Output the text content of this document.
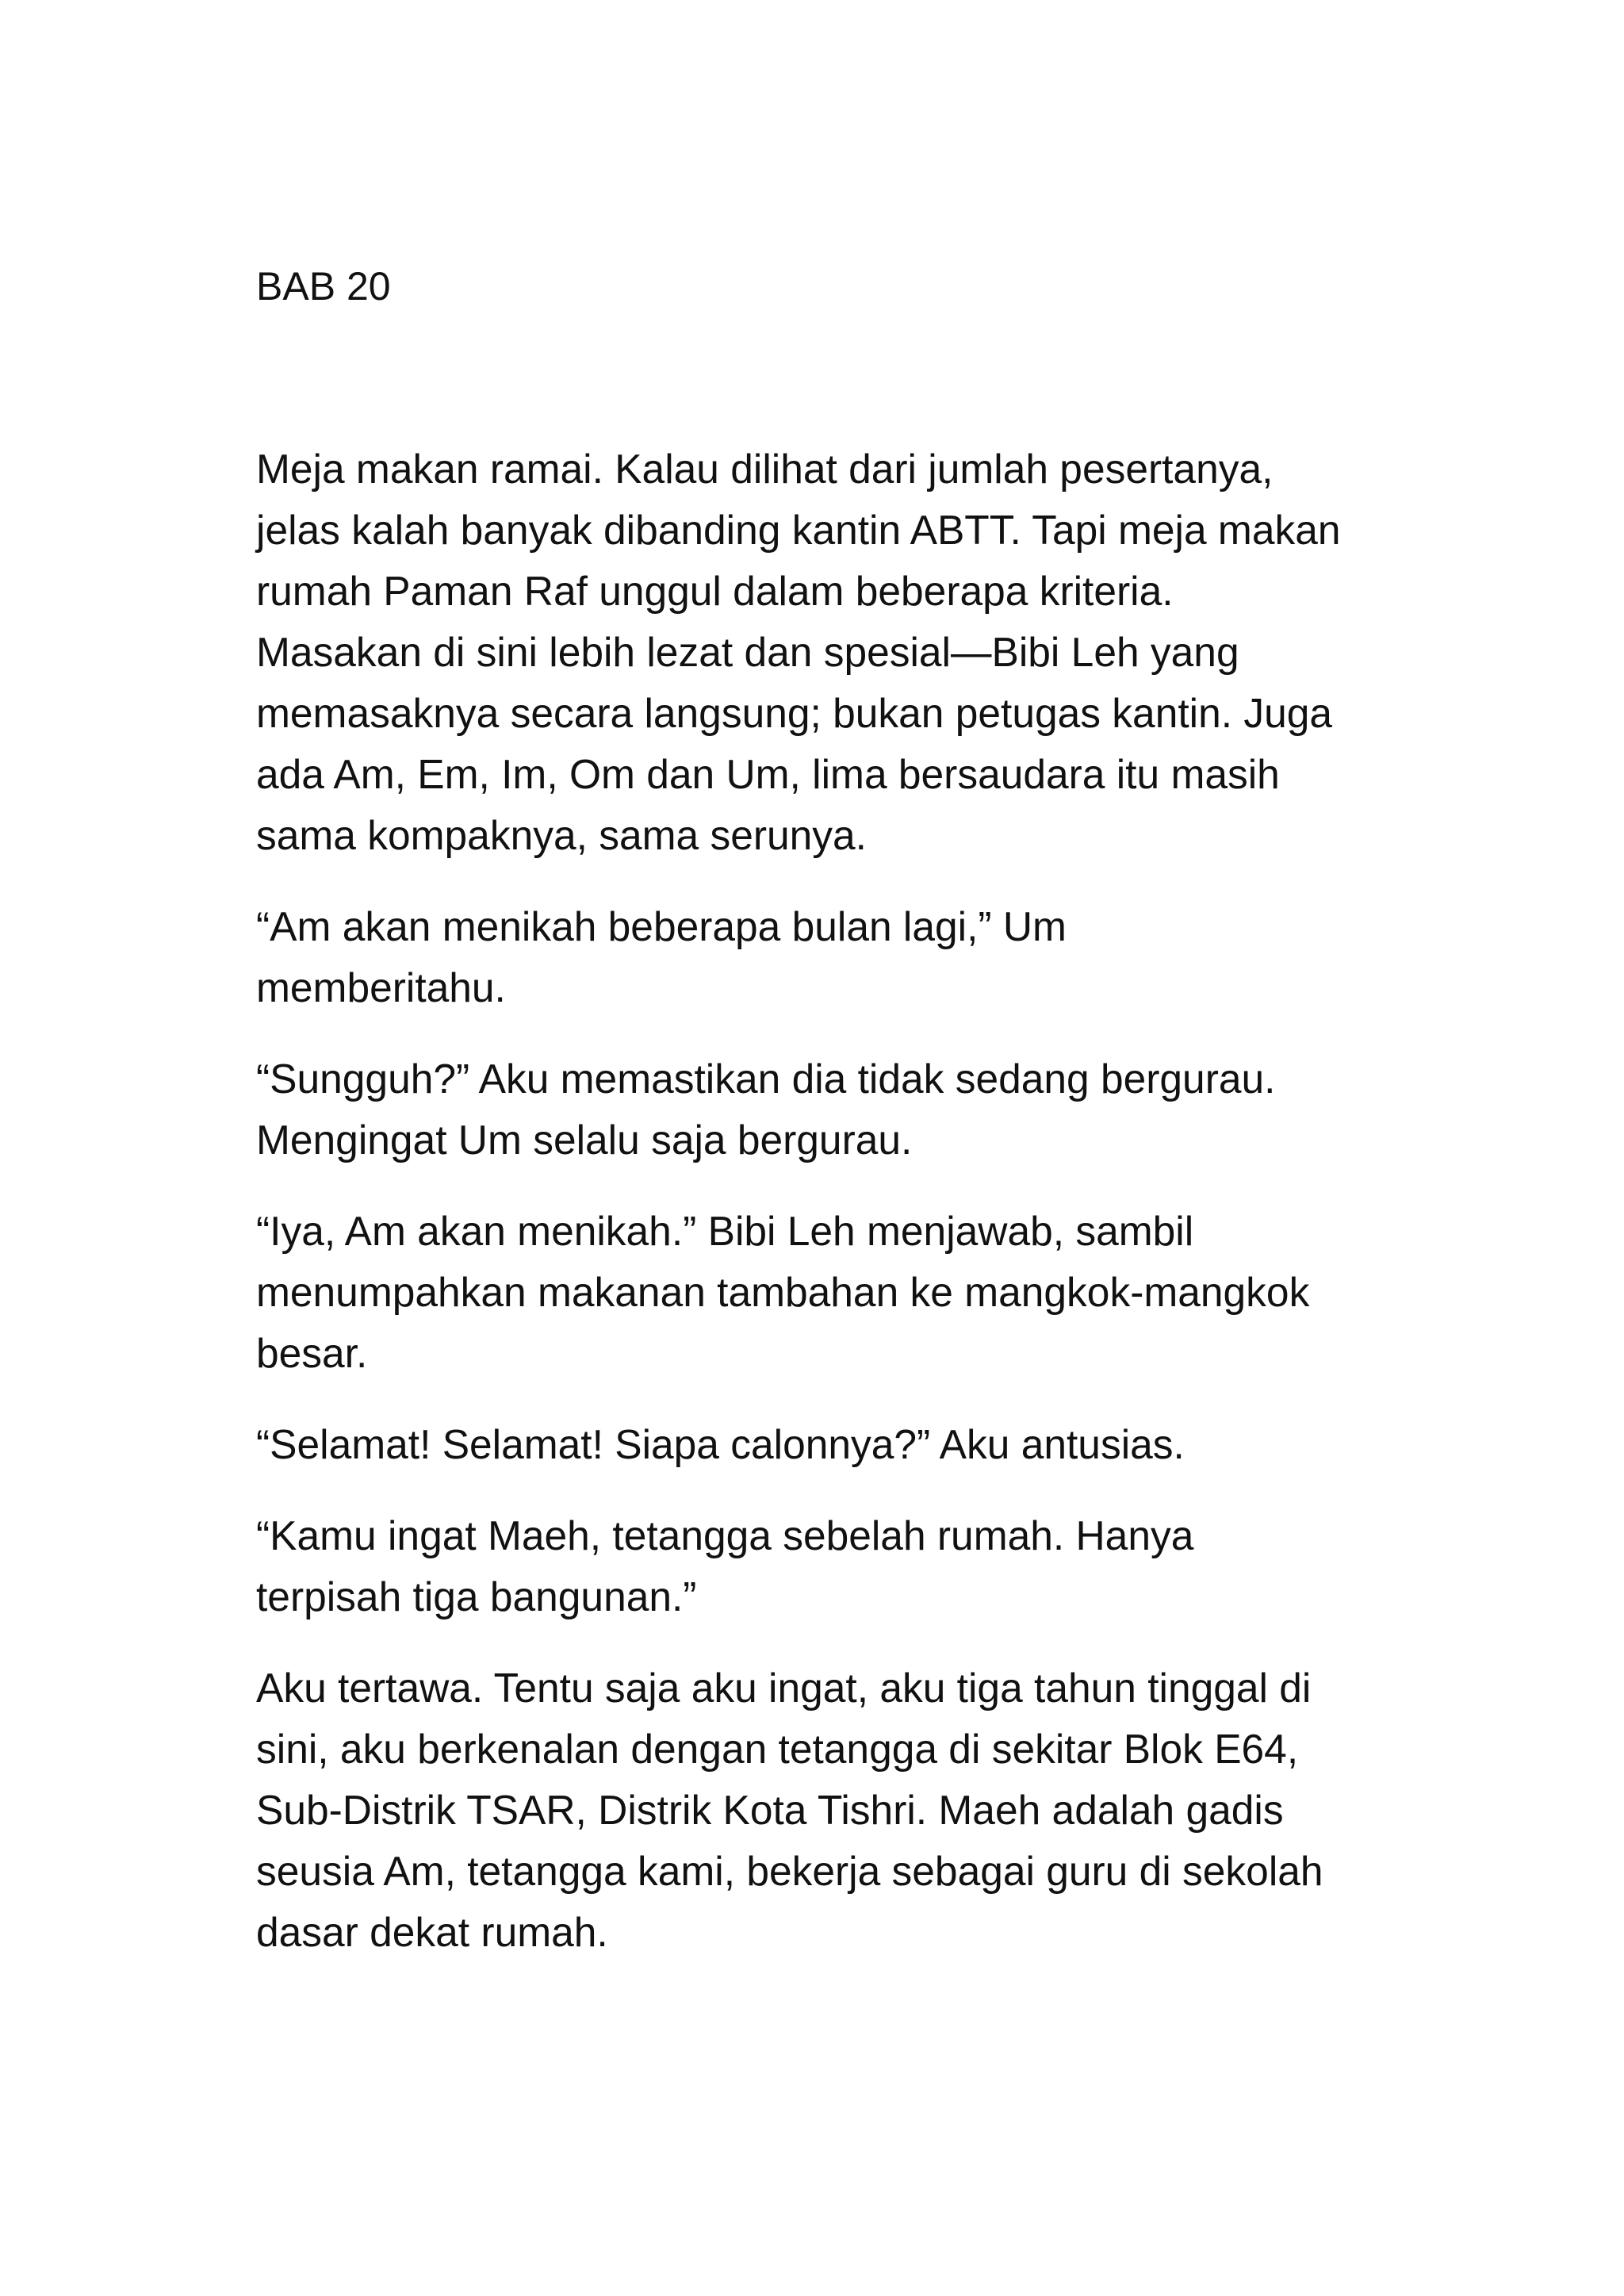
BAB 20

Meja makan ramai. Kalau dilihat dari jumlah pesertanya,
jelas kalah banyak dibanding kantin ABTT. Tapi meja makan
rumah Paman Raf unggul dalam beberapa kriteria.
Masakan di sini lebih lezat dan spesial—Bibi Leh yang
memasaknya secara langsung; bukan petugas kantin. Juga
ada Am, Em, Im, Om dan Um, lima bersaudara itu masih
sama kompaknya, sama serunya.

“Am akan menikah beberapa bulan lagi,” Um
memberitahu.

“Sungguh?” Aku memastikan dia tidak sedang bergurau.
Mengingat Um selalu saja bergurau.

“Iya, Am akan menikah.” Bibi Leh menjawab, sambil
menumpahkan makanan tambahan ke mangkok-mangkok
besar.

“Selamat! Selamat! Siapa calonnya?” Aku antusias.

“Kamu ingat Maeh, tetangga sebelah rumah. Hanya
terpisah tiga bangunan.”

Aku tertawa. Tentu saja aku ingat, aku tiga tahun tinggal di
sini, aku berkenalan dengan tetangga di sekitar Blok E64,
Sub-Distrik TSAR, Distrik Kota Tishri. Maeh adalah gadis
seusia Am, tetangga kami, bekerja sebagai guru di sekolah
dasar dekat rumah.
